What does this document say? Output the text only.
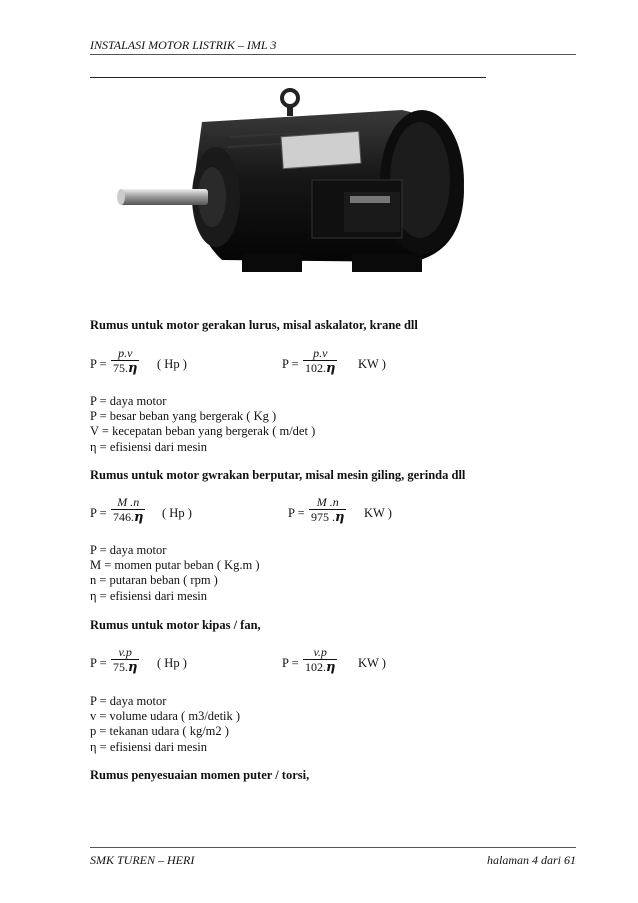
INSTALASI MOTOR LISTRIK – IML 3
Rumus untuk motor gerakan lurus, misal askalator, krane dll
$P = \frac{p.v}{75.\eta}$ ( Hp )	$P = \frac{p.v}{102.\eta}$ KW )
P = daya motor
P = besar beban yang bergerak ( Kg )
V = kecepatan beban yang bergerak ( m/det )
η = efisiensi dari mesin
Rumus untuk motor gwrakan berputar, misal mesin giling, gerinda dll
$P = \frac{M .n}{746.\eta}$ ( Hp )	$P = \frac{M .n}{975 .\eta}$ KW )
P = daya motor
M = momen putar beban ( Kg.m )
n = putaran beban ( rpm )
η = efisiensi dari mesin
Rumus untuk motor kipas / fan,
$P = \frac{v.p}{75.\eta}$ ( Hp )	$P = \frac{v.p}{102.\eta}$ KW )
P = daya motor
v = volume udara ( m3/detik )
p = tekanan udara ( kg/m2 )
η = efisiensi dari mesin
Rumus penyesuaian momen puter / torsi,
SMK TUREN – HERI	halaman 4 dari 61
